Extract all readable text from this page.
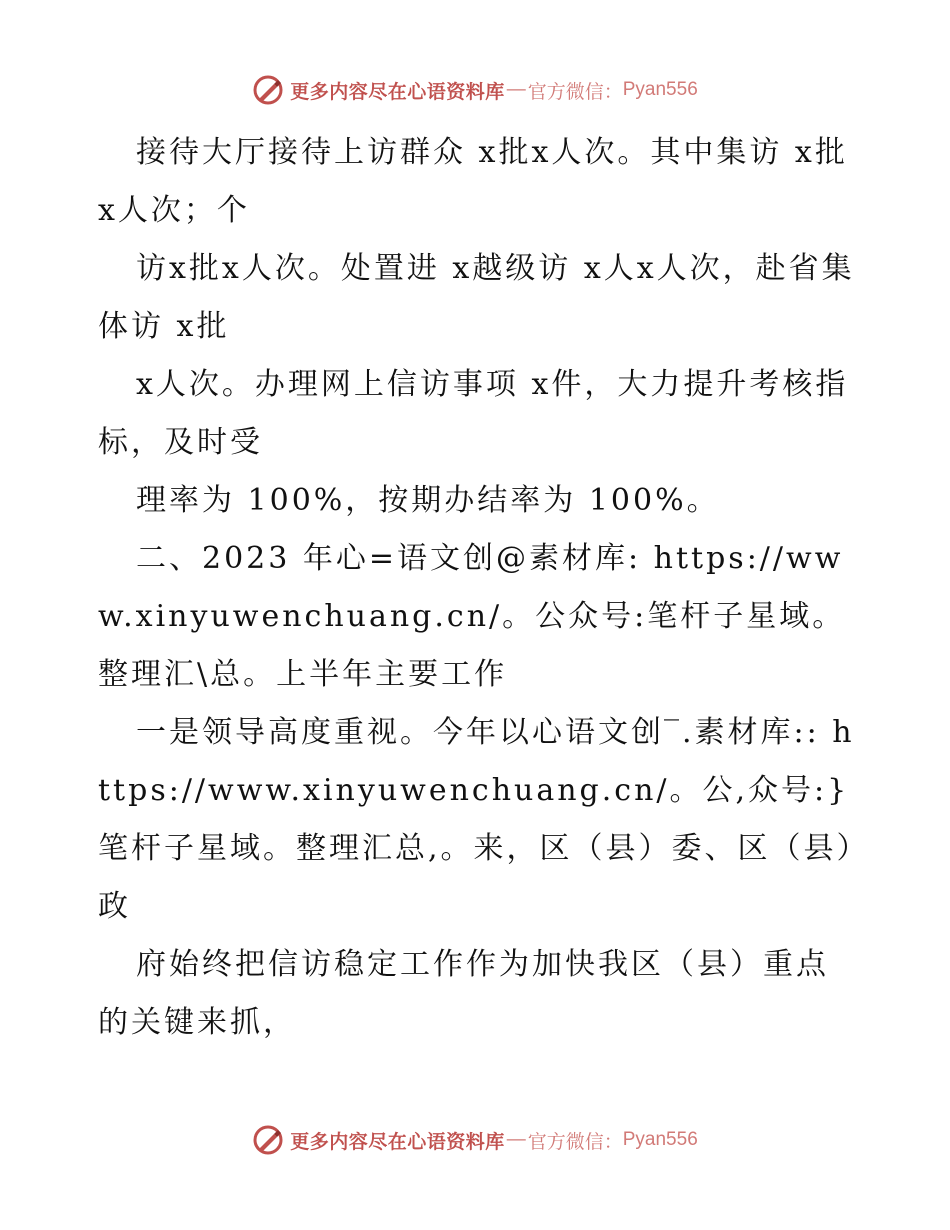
更多内容尽在心语资料库 — 官方微信： Pyan556

接待大厅接待上访群众 x批x人次。其中集访 x批x人次；个

访x批x人次。处置进 x越级访 x人x人次，赴省集体访 x批

x人次。办理网上信访事项 x件，大力提升考核指标，及时受

理率为 100%，按期办结率为 100%。

二、2023 年心=语文创@素材库: https://www.xinyuwenchuang.cn/。公众号:笔杆子星域。整理汇\总。上半年主要工作

一是领导高度重视。今年以心语文创‾.素材库:: https://www.xinyuwenchuang.cn/。公,众号:}笔杆子星域。整理汇总,。来，区（县）委、区（县）政

府始终把信访稳定工作作为加快我区（县）重点的关键来抓，

更多内容尽在心语资料库 — 官方微信： Pyan556
